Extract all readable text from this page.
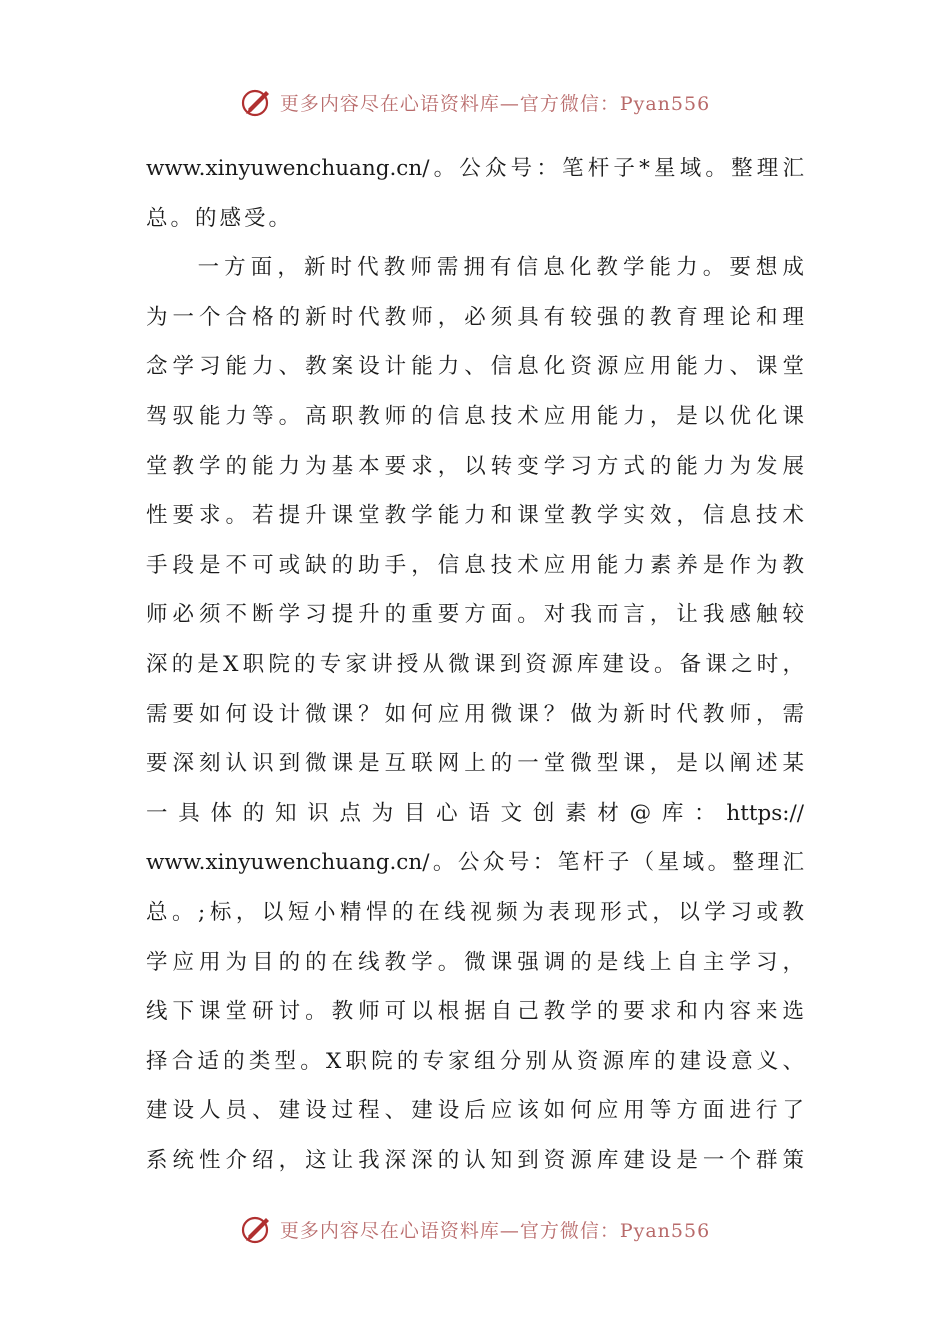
更多内容尽在心语资料库—官方微信：Pyan556
www.xinyuwenchuang.cn/。公众号：笔杆子*星域。整理汇
总。的感受。
一方面，新时代教师需拥有信息化教学能力。要想成
为一个合格的新时代教师，必须具有较强的教育理论和理
念学习能力、教案设计能力、信息化资源应用能力、课堂
驾驭能力等。高职教师的信息技术应用能力，是以优化课
堂教学的能力为基本要求，以转变学习方式的能力为发展
性要求。若提升课堂教学能力和课堂教学实效，信息技术
手段是不可或缺的助手，信息技术应用能力素养是作为教
师必须不断学习提升的重要方面。对我而言，让我感触较
深的是X职院的专家讲授从微课到资源库建设。备课之时，
需要如何设计微课？如何应用微课？做为新时代教师，需
要深刻认识到微课是互联网上的一堂微型课，是以阐述某
一具体的知识点为目心语文创素材@库：https://
www.xinyuwenchuang.cn/。公众号：笔杆子（星域。整理汇
总。;标，以短小精悍的在线视频为表现形式，以学习或教
学应用为目的的在线教学。微课强调的是线上自主学习，
线下课堂研讨。教师可以根据自己教学的要求和内容来选
择合适的类型。X职院的专家组分别从资源库的建设意义、
建设人员、建设过程、建设后应该如何应用等方面进行了
系统性介绍，这让我深深的认知到资源库建设是一个群策
更多内容尽在心语资料库—官方微信：Pyan556
